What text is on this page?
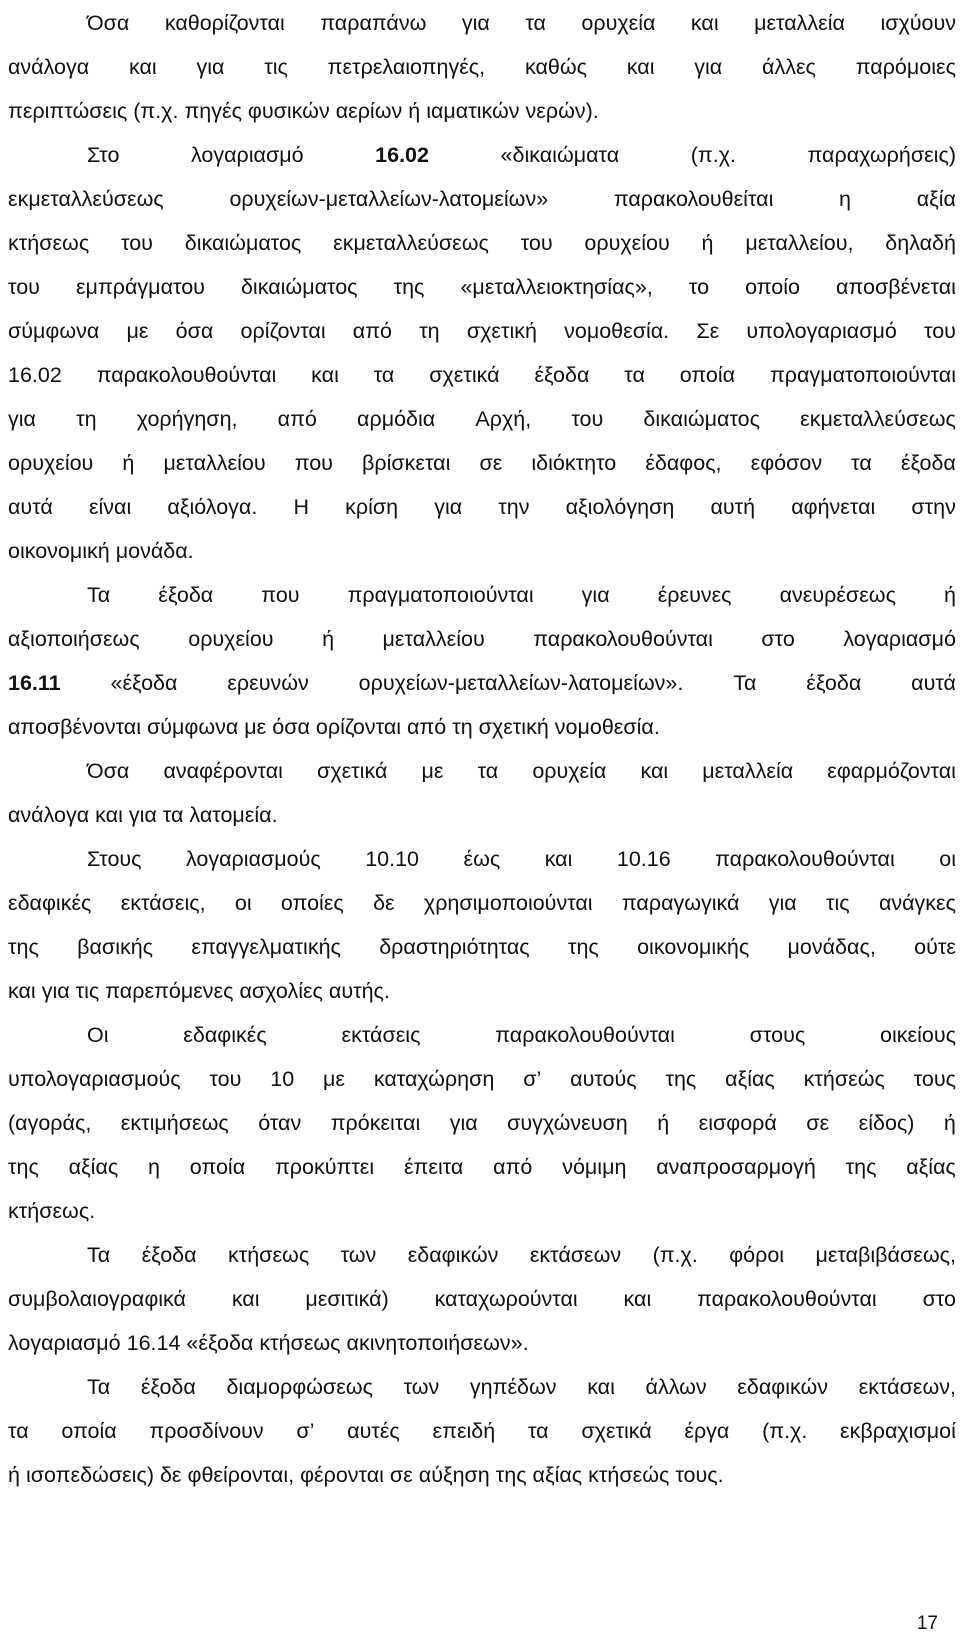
Όσα καθορίζονται παραπάνω για τα ορυχεία και μεταλλεία ισχύουν
ανάλογα και για τις πετρελαιοπηγές, καθώς και για άλλες παρόμοιες
περιπτώσεις (π.χ. πηγές φυσικών αερίων ή ιαματικών νερών).
Στο	λογαριασμό	16.02	«δικαιώματα	(π.χ.	παραχωρήσεις)
εκμεταλλεύσεως	ορυχείων-μεταλλείων-λατομείων»	παρακολουθείται	η	αξία
κτήσεως του δικαιώματος εκμεταλλεύσεως του ορυχείου ή μεταλλείου, δηλαδή
του εμπράγματου δικαιώματος της «μεταλλειοκτησίας», το οποίο αποσβένεται
σύμφωνα με όσα ορίζονται από τη σχετική νομοθεσία. Σε υπολογαριασμό του
16.02 παρακολουθούνται και τα σχετικά έξοδα τα οποία πραγματοποιούνται
για τη χορήγηση, από αρμόδια Αρχή, του δικαιώματος εκμεταλλεύσεως
ορυχείου ή μεταλλείου που βρίσκεται σε ιδιόκτητο έδαφος, εφόσον τα έξοδα
αυτά είναι αξιόλογα. Η κρίση για την αξιολόγηση αυτή αφήνεται στην
οικονομική μονάδα.
Τα έξοδα που πραγματοποιούνται για έρευνες ανευρέσεως ή
αξιοποιήσεως ορυχείου ή μεταλλείου παρακολουθούνται στο λογαριασμό
16.11 «έξοδα ερευνών ορυχείων-μεταλλείων-λατομείων». Τα έξοδα αυτά
αποσβένονται σύμφωνα με όσα ορίζονται από τη σχετική νομοθεσία.
Όσα αναφέρονται σχετικά με τα ορυχεία και μεταλλεία εφαρμόζονται
ανάλογα και για τα λατομεία.
Στους λογαριασμούς 10.10 έως και 10.16 παρακολουθούνται οι
εδαφικές εκτάσεις, οι οποίες δε χρησιμοποιούνται παραγωγικά για τις ανάγκες
της βασικής επαγγελματικής δραστηριότητας της οικονομικής μονάδας, ούτε
και για τις παρεπόμενες ασχολίες αυτής.
Οι	εδαφικές	εκτάσεις	παρακολουθούνται	στους	οικείους
υπολογαριασμούς του 10 με καταχώρηση σ’ αυτούς της αξίας κτήσεώς τους
(αγοράς, εκτιμήσεως όταν πρόκειται για συγχώνευση ή εισφορά σε είδος) ή
της αξίας η οποία προκύπτει έπειτα από νόμιμη αναπροσαρμογή της αξίας
κτήσεως.
Τα έξοδα κτήσεως των εδαφικών εκτάσεων (π.χ. φόροι μεταβιβάσεως,
συμβολαιογραφικά και μεσιτικά) καταχωρούνται και παρακολουθούνται στο
λογαριασμό 16.14 «έξοδα κτήσεως ακινητοποιήσεων».
Τα έξοδα διαμορφώσεως των γηπέδων και άλλων εδαφικών εκτάσεων,
τα οποία προσδίνουν σ’ αυτές επειδή τα σχετικά έργα (π.χ. εκβραχισμοί
ή ισοπεδώσεις) δε φθείρονται, φέρονται σε αύξηση της αξίας κτήσεώς τους.
17
